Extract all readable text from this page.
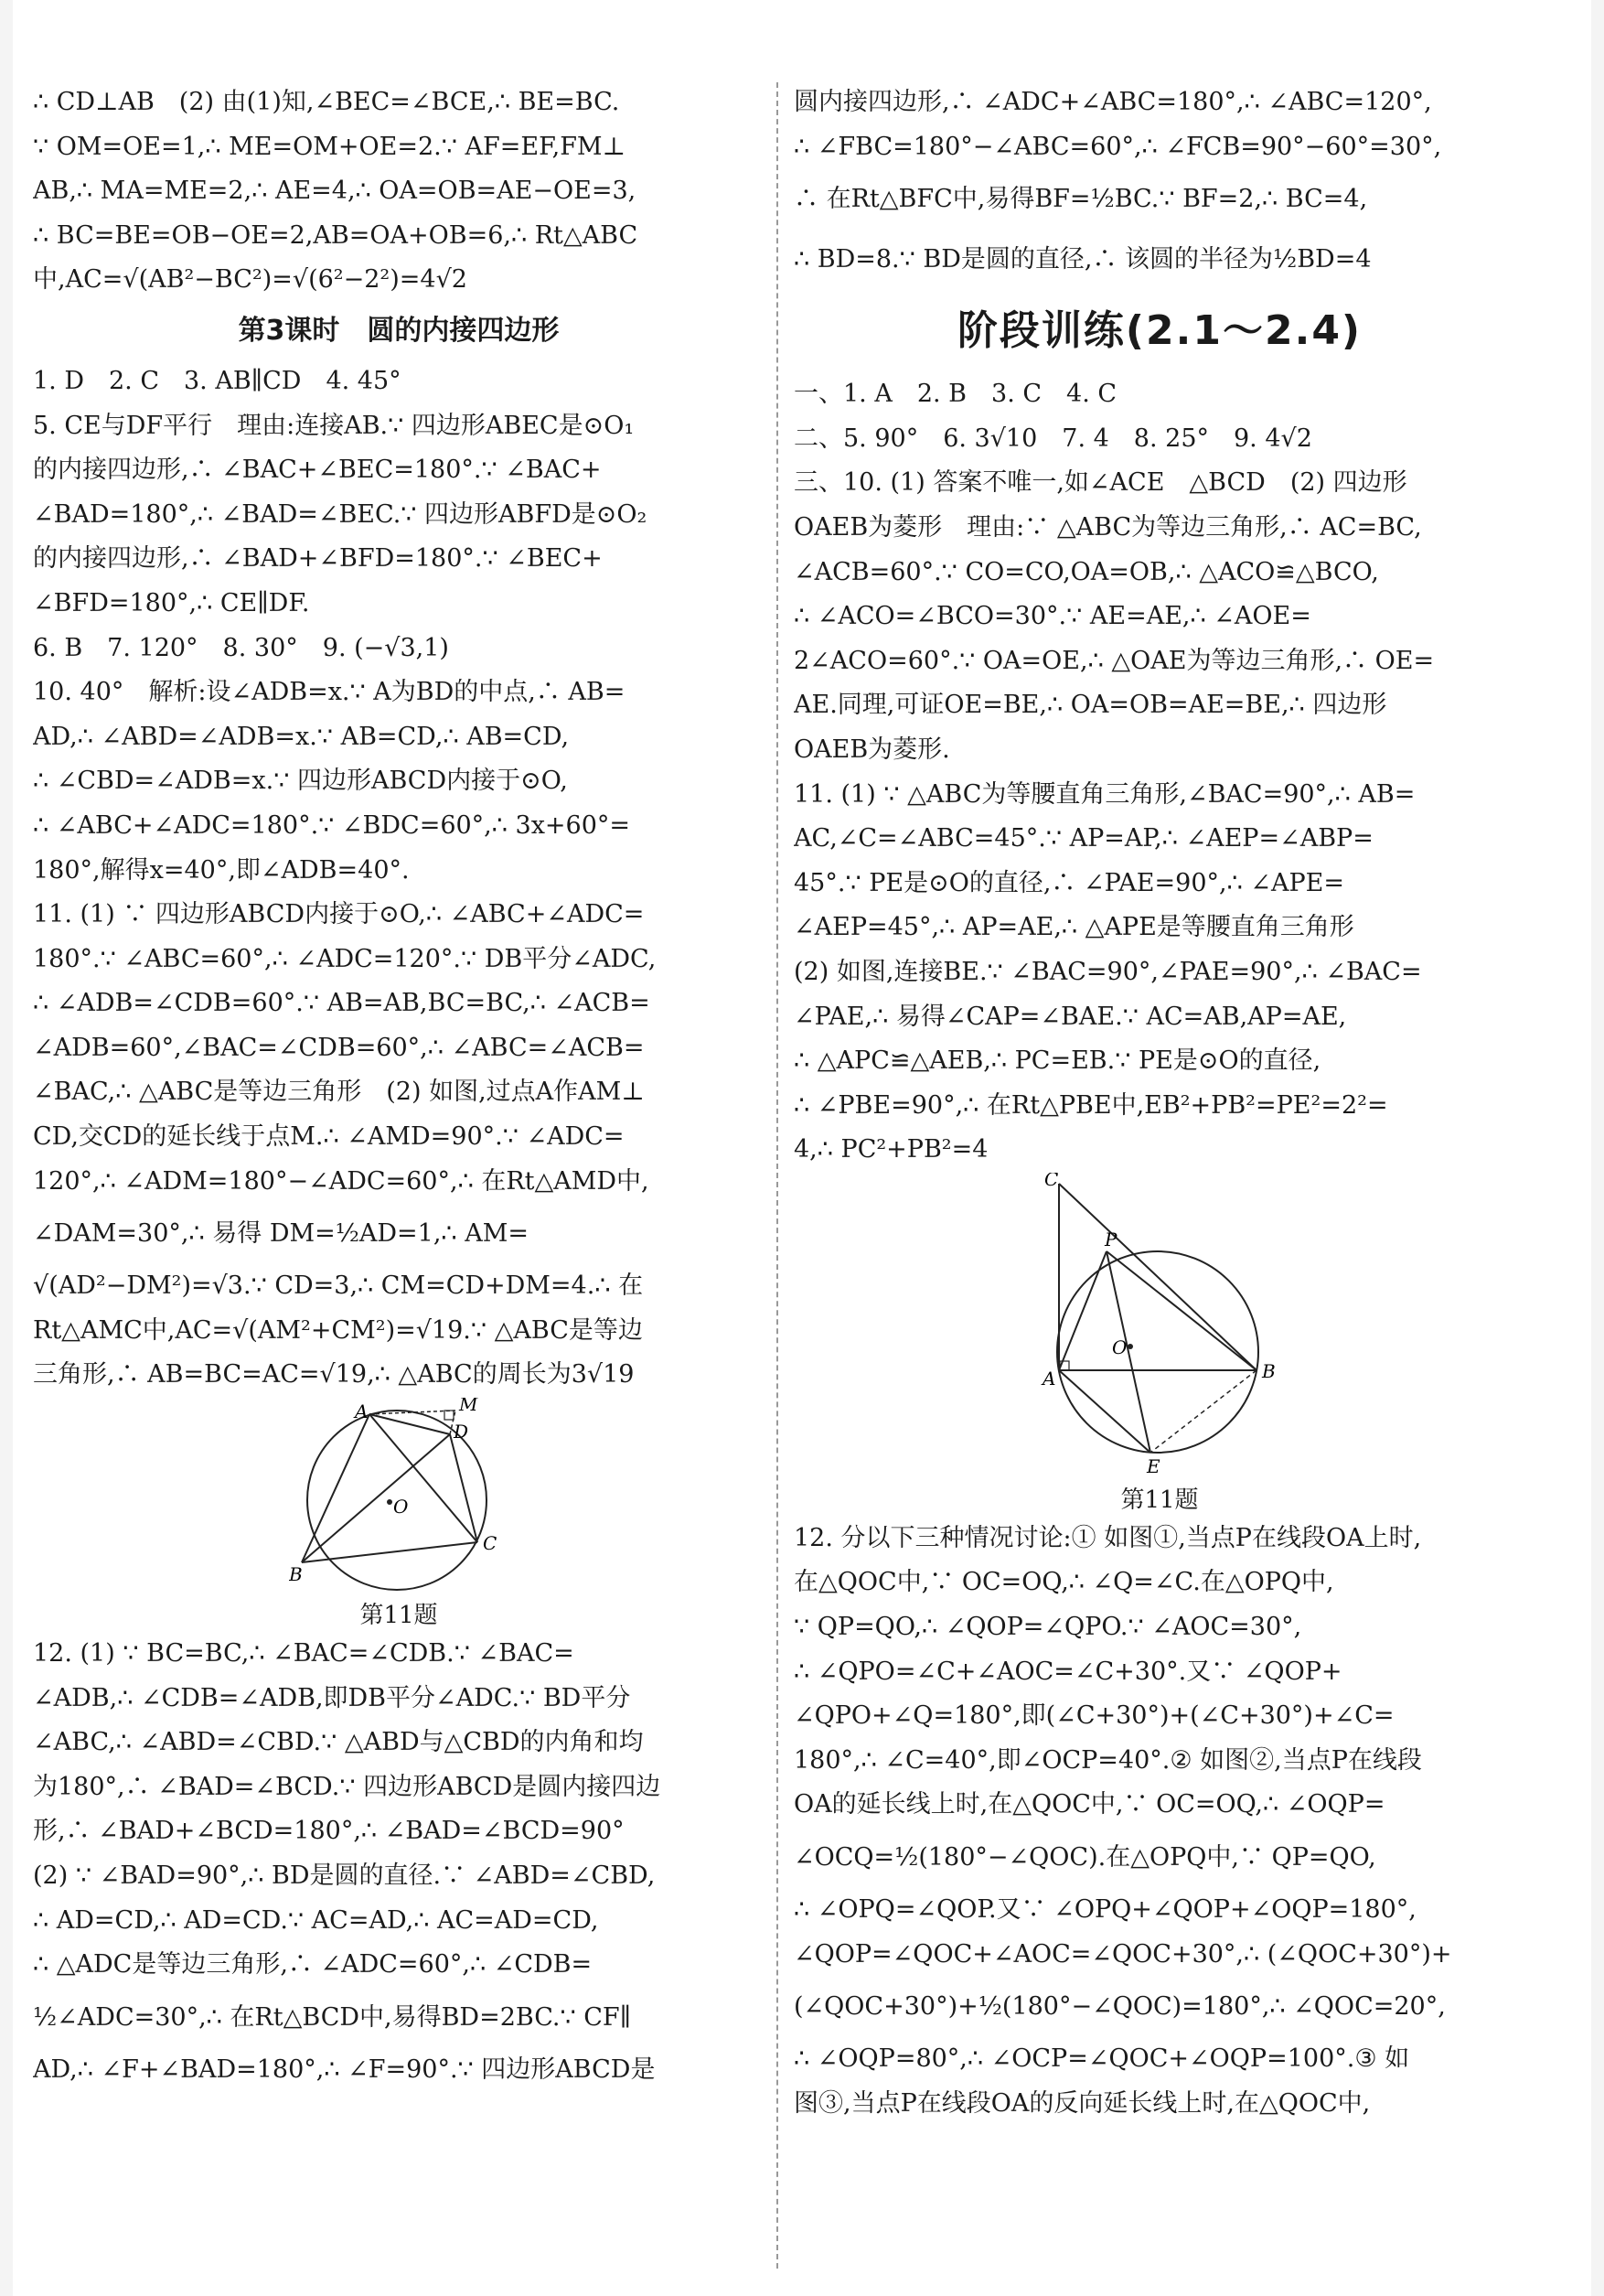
∴ CD⊥AB　(2) 由(1)知,∠BEC=∠BCE,∴ BE=BC.
∵ OM=OE=1,∴ ME=OM+OE=2.∵ AF=EF,FM⊥
AB,∴ MA=ME=2,∴ AE=4,∴ OA=OB=AE−OE=3,
∴ BC=BE=OB−OE=2,AB=OA+OB=6,∴ Rt△ABC
中,AC=√(AB²−BC²)=√(6²−2²)=4√2
第3课时　圆的内接四边形
1. D　2. C　3. AB∥CD　4. 45°
5. CE与DF平行　理由:连接AB.∵ 四边形ABEC是⊙O₁
的内接四边形,∴ ∠BAC+∠BEC=180°.∵ ∠BAC+
∠BAD=180°,∴ ∠BAD=∠BEC.∵ 四边形ABFD是⊙O₂
的内接四边形,∴ ∠BAD+∠BFD=180°.∵ ∠BEC+
∠BFD=180°,∴ CE∥DF.
6. B　7. 120°　8. 30°　9. (−√3,1)
10. 40°　解析:设∠ADB=x.∵ A为BD的中点,∴ AB=
AD,∴ ∠ABD=∠ADB=x.∵ AB=CD,∴ AB=CD,
∴ ∠CBD=∠ADB=x.∵ 四边形ABCD内接于⊙O,
∴ ∠ABC+∠ADC=180°.∵ ∠BDC=60°,∴ 3x+60°=
180°,解得x=40°,即∠ADB=40°.
11. (1) ∵ 四边形ABCD内接于⊙O,∴ ∠ABC+∠ADC=
180°.∵ ∠ABC=60°,∴ ∠ADC=120°.∵ DB平分∠ADC,
∴ ∠ADB=∠CDB=60°.∵ AB=AB,BC=BC,∴ ∠ACB=
∠ADB=60°,∠BAC=∠CDB=60°,∴ ∠ABC=∠ACB=
∠BAC,∴ △ABC是等边三角形　(2) 如图,过点A作AM⊥
CD,交CD的延长线于点M.∴ ∠AMD=90°.∵ ∠ADC=
120°,∴ ∠ADM=180°−∠ADC=60°,∴ 在Rt△AMD中,
∠DAM=30°,∴ 易得 DM=½AD=1,∴ AM=
√(AD²−DM²)=√3.∵ CD=3,∴ CM=CD+DM=4.∴ 在
Rt△AMC中,AC=√(AM²+CM²)=√19.∵ △ABC是等边
三角形,∴ AB=BC=AC=√19,∴ △ABC的周长为3√19
A	M
D
O
B
C
第11题
12. (1) ∵ BC=BC,∴ ∠BAC=∠CDB.∵ ∠BAC=
∠ADB,∴ ∠CDB=∠ADB,即DB平分∠ADC.∵ BD平分
∠ABC,∴ ∠ABD=∠CBD.∵ △ABD与△CBD的内角和均
为180°,∴ ∠BAD=∠BCD.∵ 四边形ABCD是圆内接四边
形,∴ ∠BAD+∠BCD=180°,∴ ∠BAD=∠BCD=90°
(2) ∵ ∠BAD=90°,∴ BD是圆的直径.∵ ∠ABD=∠CBD,
∴ AD=CD,∴ AD=CD.∵ AC=AD,∴ AC=AD=CD,
∴ △ADC是等边三角形,∴ ∠ADC=60°,∴ ∠CDB=
½∠ADC=30°,∴ 在Rt△BCD中,易得BD=2BC.∵ CF∥
AD,∴ ∠F+∠BAD=180°,∴ ∠F=90°.∵ 四边形ABCD是
圆内接四边形,∴ ∠ADC+∠ABC=180°,∴ ∠ABC=120°,
∴ ∠FBC=180°−∠ABC=60°,∴ ∠FCB=90°−60°=30°,
∴ 在Rt△BFC中,易得BF=½BC.∵ BF=2,∴ BC=4,
∴ BD=8.∵ BD是圆的直径,∴ 该圆的半径为½BD=4
阶段训练(2.1～2.4)
一、1. A　2. B　3. C　4. C
二、5. 90°　6. 3√10　7. 4　8. 25°　9. 4√2
三、10. (1) 答案不唯一,如∠ACE　△BCD　(2) 四边形
OAEB为菱形　理由:∵ △ABC为等边三角形,∴ AC=BC,
∠ACB=60°.∵ CO=CO,OA=OB,∴ △ACO≌△BCO,
∴ ∠ACO=∠BCO=30°.∵ AE=AE,∴ ∠AOE=
2∠ACO=60°.∵ OA=OE,∴ △OAE为等边三角形,∴ OE=
AE.同理,可证OE=BE,∴ OA=OB=AE=BE,∴ 四边形
OAEB为菱形.
11. (1) ∵ △ABC为等腰直角三角形,∠BAC=90°,∴ AB=
AC,∠C=∠ABC=45°.∵ AP=AP,∴ ∠AEP=∠ABP=
45°.∵ PE是⊙O的直径,∴ ∠PAE=90°,∴ ∠APE=
∠AEP=45°,∴ AP=AE,∴ △APE是等腰直角三角形
(2) 如图,连接BE.∵ ∠BAC=90°,∠PAE=90°,∴ ∠BAC=
∠PAE,∴ 易得∠CAP=∠BAE.∵ AC=AB,AP=AE,
∴ △APC≌△AEB,∴ PC=EB.∵ PE是⊙O的直径,
∴ ∠PBE=90°,∴ 在Rt△PBE中,EB²+PB²=PE²=2²=
4,∴ PC²+PB²=4
C
P
O
A	B
E
第11题
12. 分以下三种情况讨论:① 如图①,当点P在线段OA上时,
在△QOC中,∵ OC=OQ,∴ ∠Q=∠C.在△OPQ中,
∵ QP=QO,∴ ∠QOP=∠QPO.∵ ∠AOC=30°,
∴ ∠QPO=∠C+∠AOC=∠C+30°.又∵ ∠QOP+
∠QPO+∠Q=180°,即(∠C+30°)+(∠C+30°)+∠C=
180°,∴ ∠C=40°,即∠OCP=40°.② 如图②,当点P在线段
OA的延长线上时,在△QOC中,∵ OC=OQ,∴ ∠OQP=
∠OCQ=½(180°−∠QOC).在△OPQ中,∵ QP=QO,
∴ ∠OPQ=∠QOP.又∵ ∠OPQ+∠QOP+∠OQP=180°,
∠QOP=∠QOC+∠AOC=∠QOC+30°,∴ (∠QOC+30°)+
(∠QOC+30°)+½(180°−∠QOC)=180°,∴ ∠QOC=20°,
∴ ∠OQP=80°,∴ ∠OCP=∠QOC+∠OQP=100°.③ 如
图③,当点P在线段OA的反向延长线上时,在△QOC中,
